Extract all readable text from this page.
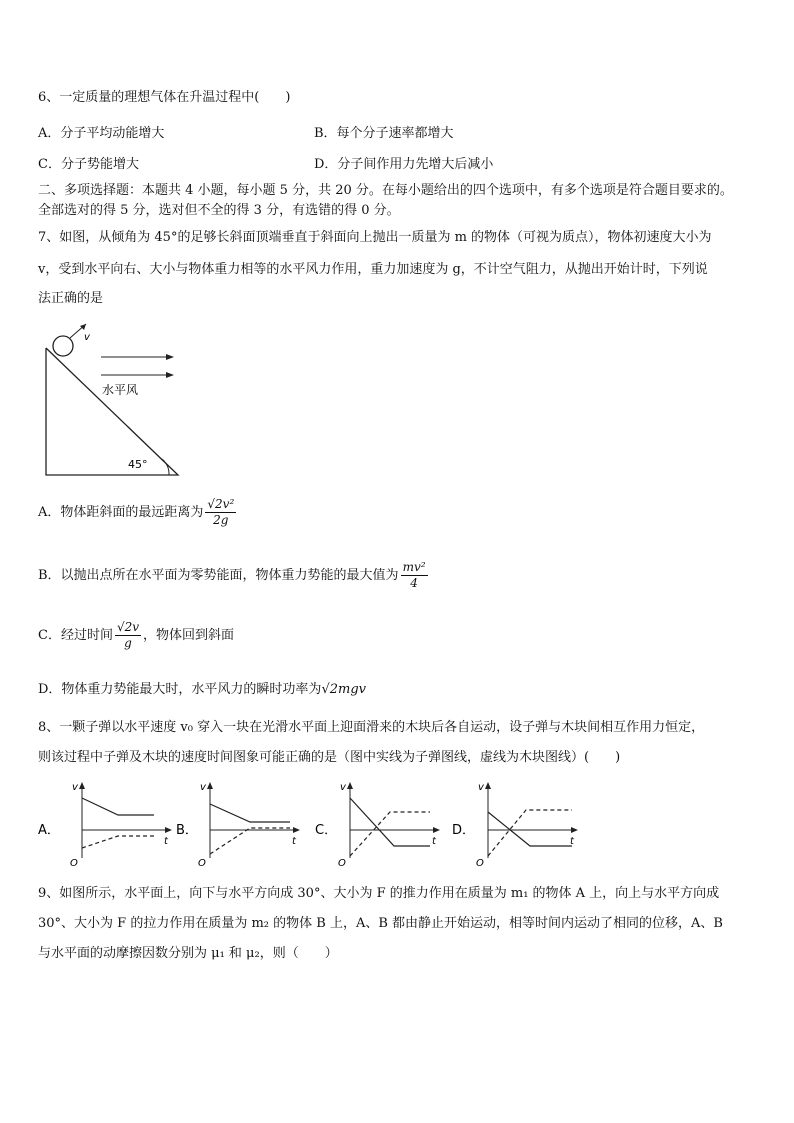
6、一定质量的理想气体在升温过程中(　　)
A．分子平均动能增大	B．每个分子速率都增大
C．分子势能增大	D．分子间作用力先增大后减小
二、多项选择题：本题共 4 小题，每小题 5 分，共 20 分。在每小题给出的四个选项中，有多个选项是符合题目要求的。
全部选对的得 5 分，选对但不全的得 3 分，有选错的得 0 分。
7、如图，从倾角为 45°的足够长斜面顶端垂直于斜面向上抛出一质量为 m 的物体（可视为质点），物体初速度大小为
v，受到水平向右、大小与物体重力相等的水平风力作用，重力加速度为 g，不计空气阻力，从抛出开始计时，下列说
法正确的是
v
水平风
45°
A．物体距斜面的最远距离为 $\frac{\text{√2v²}}{2g}$
B．以抛出点所在水平面为零势能面，物体重力势能的最大值为 $\frac{\text{mv²}}{4}$
C．经过时间 $\frac{√2v}{g}$ ，物体回到斜面
D．物体重力势能最大时，水平风力的瞬时功率为√2mgv
8、一颗子弹以水平速度 v₀ 穿入一块在光滑水平面上迎面滑来的木块后各自运动，设子弹与木块间相互作用力恒定，
则该过程中子弹及木块的速度时间图象可能正确的是（图中实线为子弹图线，虚线为木块图线）(　　)
A．
v
t
O
B．
v
t
O
C．
v
t
O
D．
v
t
O
9、如图所示，水平面上，向下与水平方向成 30°、大小为 F 的推力作用在质量为 m₁ 的物体 A 上，向上与水平方向成
30°、大小为 F 的拉力作用在质量为 m₂ 的物体 B 上，A、B 都由静止开始运动，相等时间内运动了相同的位移，A、B
与水平面的动摩擦因数分别为 μ₁ 和 μ₂，则（　　）
